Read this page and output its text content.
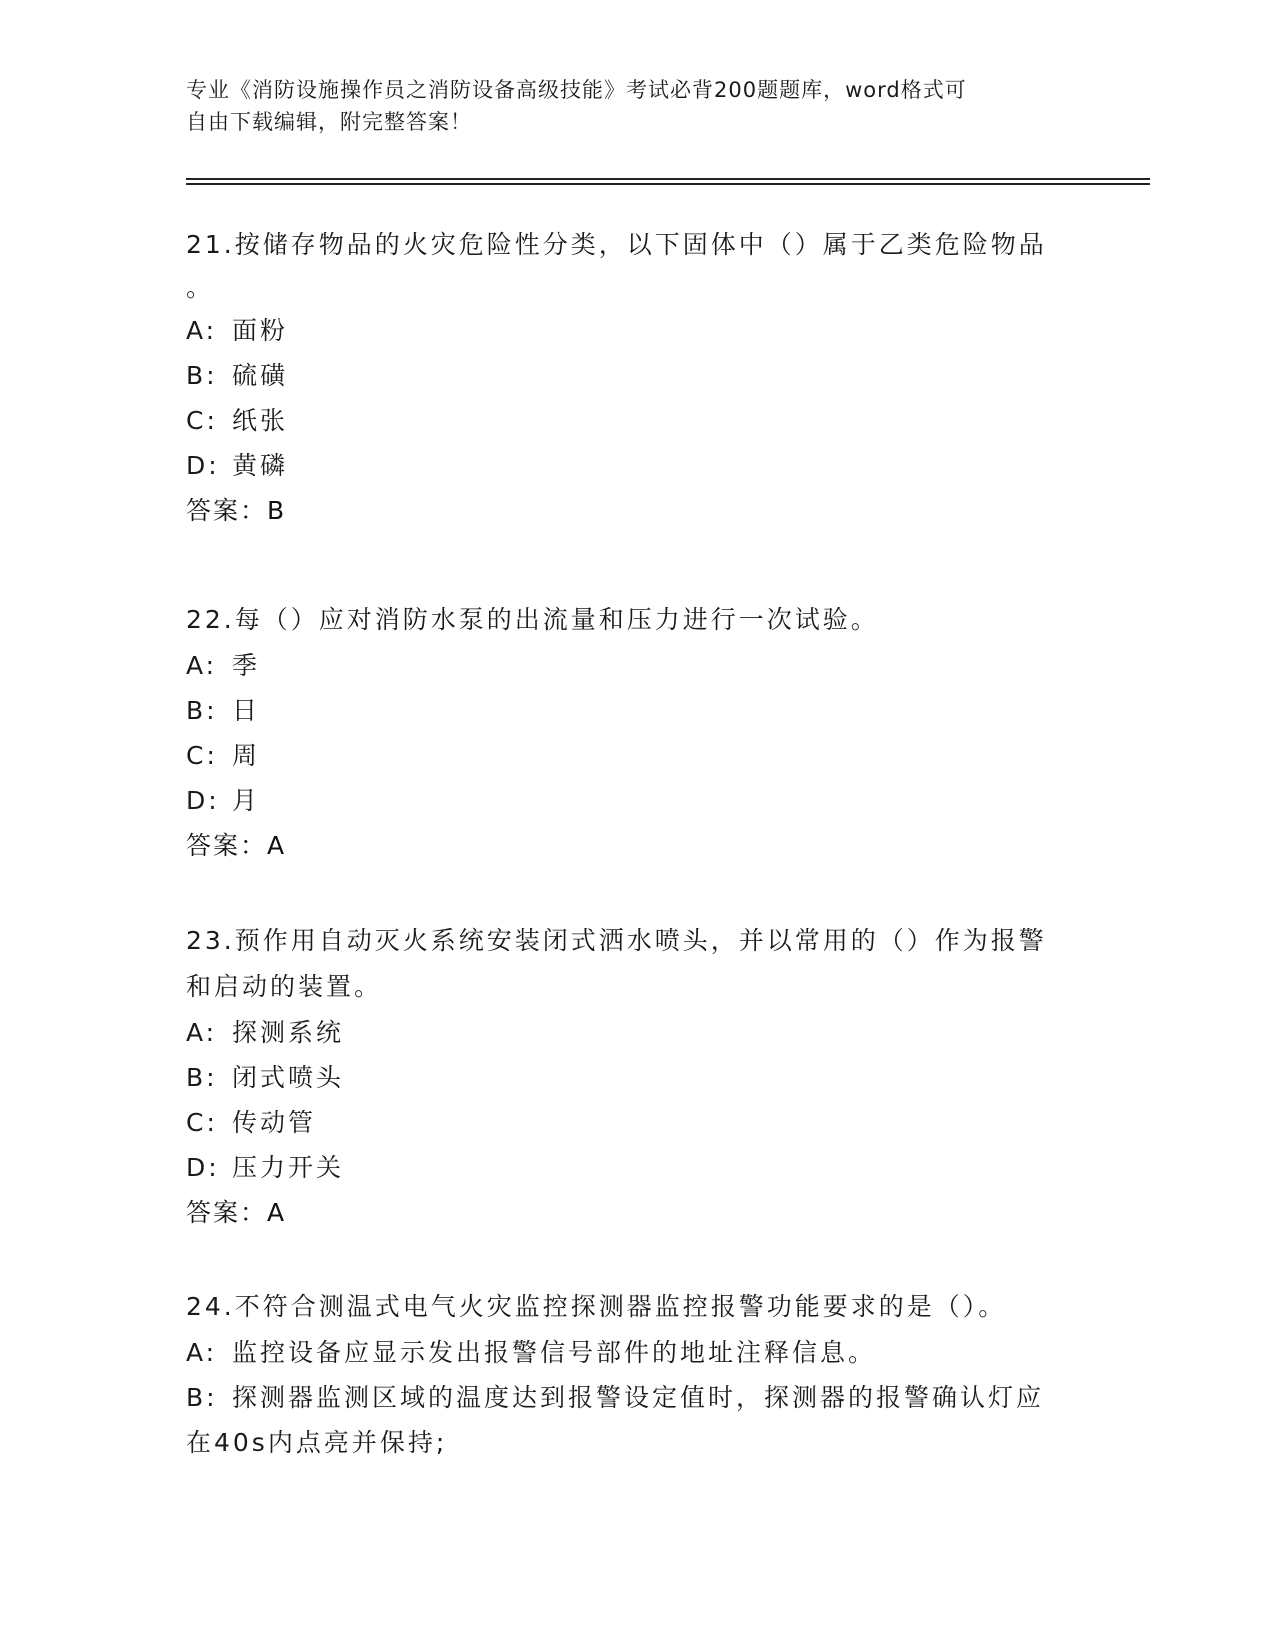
专业《消防设施操作员之消防设备高级技能》考试必背200题题库，word格式可
自由下载编辑，附完整答案！
21.按储存物品的火灾危险性分类，以下固体中（）属于乙类危险物品
。
A: 面粉
B: 硫磺
C: 纸张
D: 黄磷
答案：B
22.每（）应对消防水泵的出流量和压力进行一次试验。
A: 季
B: 日
C: 周
D: 月
答案：A
23.预作用自动灭火系统安装闭式洒水喷头，并以常用的（）作为报警
和启动的装置。
A: 探测系统
B: 闭式喷头
C: 传动管
D: 压力开关
答案：A
24.不符合测温式电气火灾监控探测器监控报警功能要求的是（）。
A: 监控设备应显示发出报警信号部件的地址注释信息。
B: 探测器监测区域的温度达到报警设定值时，探测器的报警确认灯应
在40s内点亮并保持;
